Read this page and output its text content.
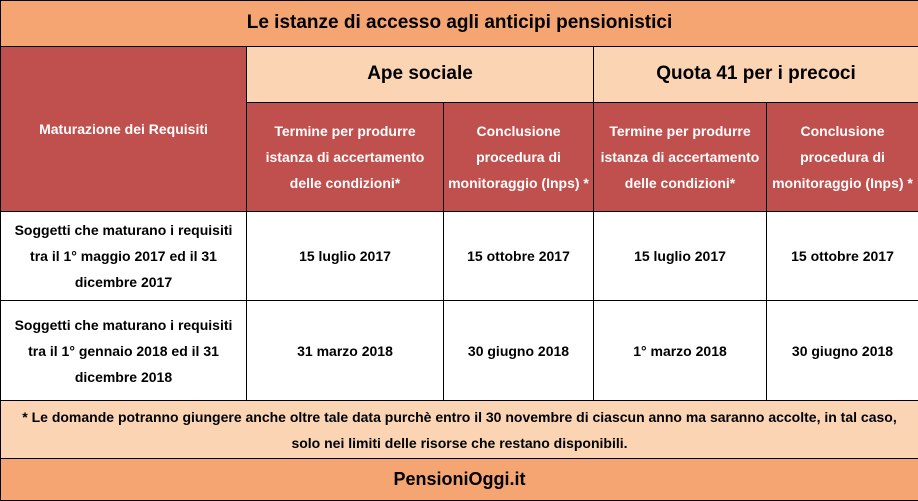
Le istanze di accesso agli anticipi pensionistici				
Maturazione dei Requisiti	Ape sociale		Quota 41 per i precoci	
	Termine per produrre istanza di accertamento delle condizioni*	Conclusione procedura di monitoraggio (Inps) *	Termine per produrre istanza di accertamento delle condizioni*	Conclusione procedura di monitoraggio (Inps) *
Soggetti che maturano i requisiti tra il 1° maggio 2017 ed il 31 dicembre 2017	15 luglio 2017	15 ottobre 2017	15 luglio 2017	15 ottobre 2017
Soggetti che maturano i requisiti tra il 1° gennaio 2018 ed il 31 dicembre 2018	31 marzo 2018	30 giugno 2018	1° marzo 2018	30 giugno 2018
* Le domande potranno giungere anche oltre tale data purchè entro il 30 novembre di ciascun anno ma saranno accolte, in tal caso, solo nei limiti delle risorse che restano disponibili.				
PensioniOggi.it				
